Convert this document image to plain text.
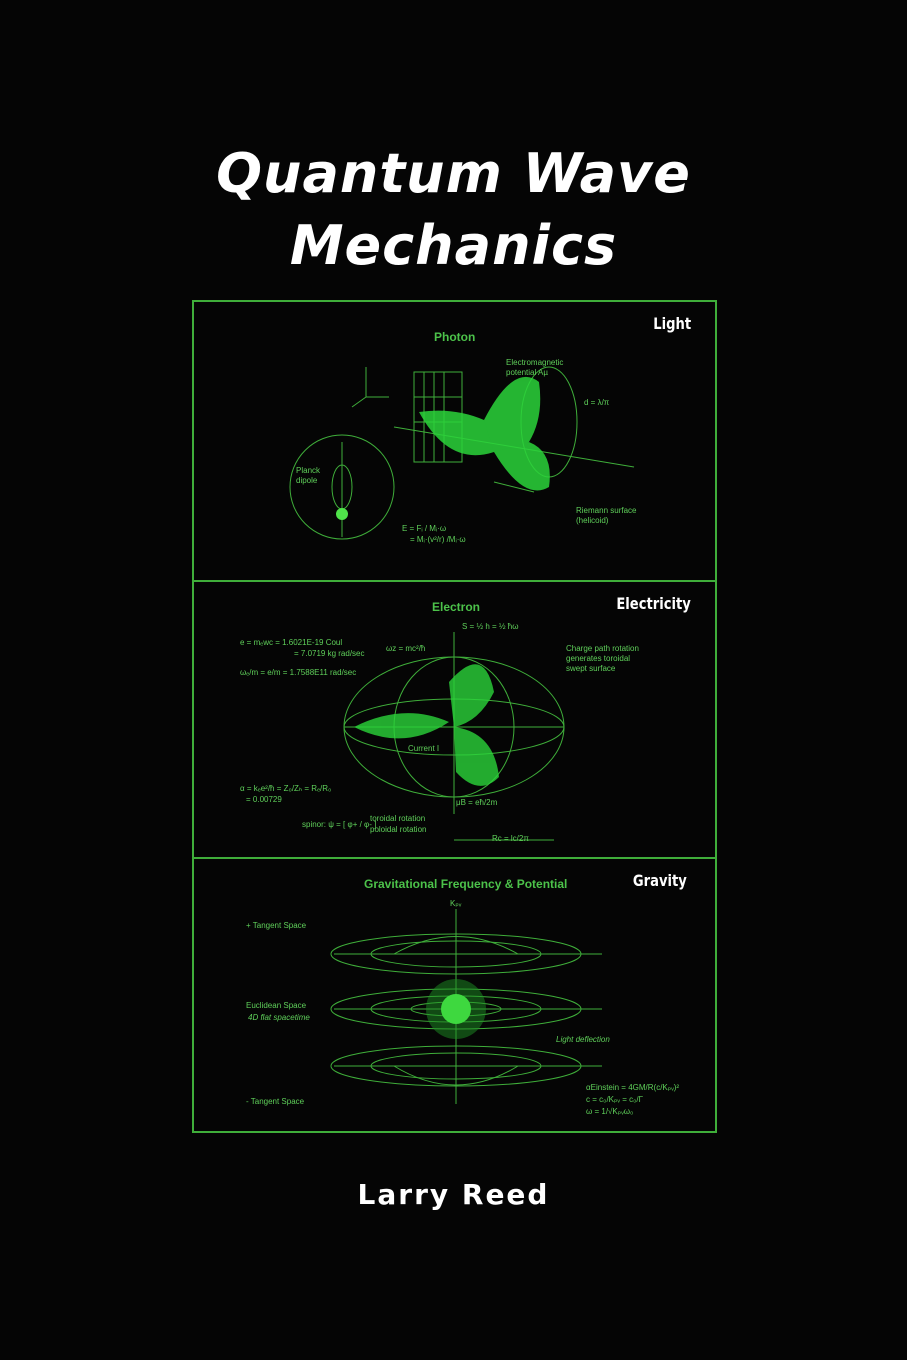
Quantum Wave
Mechanics
Photon
Light
Electromagnetic potential Aµ
d = λ/π
Planck dipole
Riemann surface (helicoid)
E = Fᵢ / Mᵢ·ω
= Mᵢ·(v²/r) /Mᵢ·ω
Electron	Electricity
S = ½ h = ½ ħω
ωz = mc²/ħ
e = mₑwᴄ = 1.6021E-19 Coul
= 7.0719 kg rad/sec
ωₑ/m = e/m = 1.7588E11 rad/sec
Charge path rotation generates toroidal swept surface
Current I
α = kₑe²/ħ = Z₀/Zₕ = Rₑ/R₀
= 0.00729
spinor: ψ = [ φ+ / φ- ]
toroidal rotation
poloidal rotation
μB = eħ/2m
Rᴄ = lᴄ/2π
Gravitational Frequency & Potential	Gravity
Kₚᵥ
+ Tangent Space
Euclidean Space
4D flat spacetime
- Tangent Space
Light deflection
αEinstein = 4GM/R(c/Kₚᵥ)²
c = c₀/Kₚᵥ = c₀/Γ
ω = 1/√Kₚᵥω₀
Larry Reed
